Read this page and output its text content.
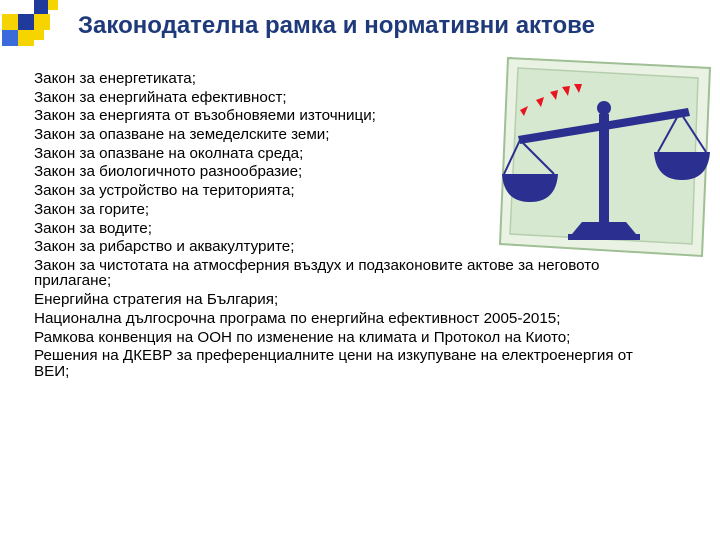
Законодателна рамка и нормативни актове
Закон за енергетиката;
Закон за енергийната ефективност;
Закон за енергията от възобновяеми източници;
Закон за опазване на земеделските земи;
Закон за опазване на околната среда;
Закон за биологичното разнообразие;
Закон за устройство на територията;
Закон за горите;
Закон за водите;
Закон за рибарство и аквакултурите;
Закон за чистотата на атмосферния въздух и подзаконовите актове за неговото прилагане;
Енергийна стратегия на България;
Национална дългосрочна програма по енергийна ефективност 2005-2015;
Рамкова конвенция на ООН по изменение на климата и Протокол на Киото;
Решения на ДКЕВР за преференциалните цени на изкупуване на електроенергия от ВЕИ;
